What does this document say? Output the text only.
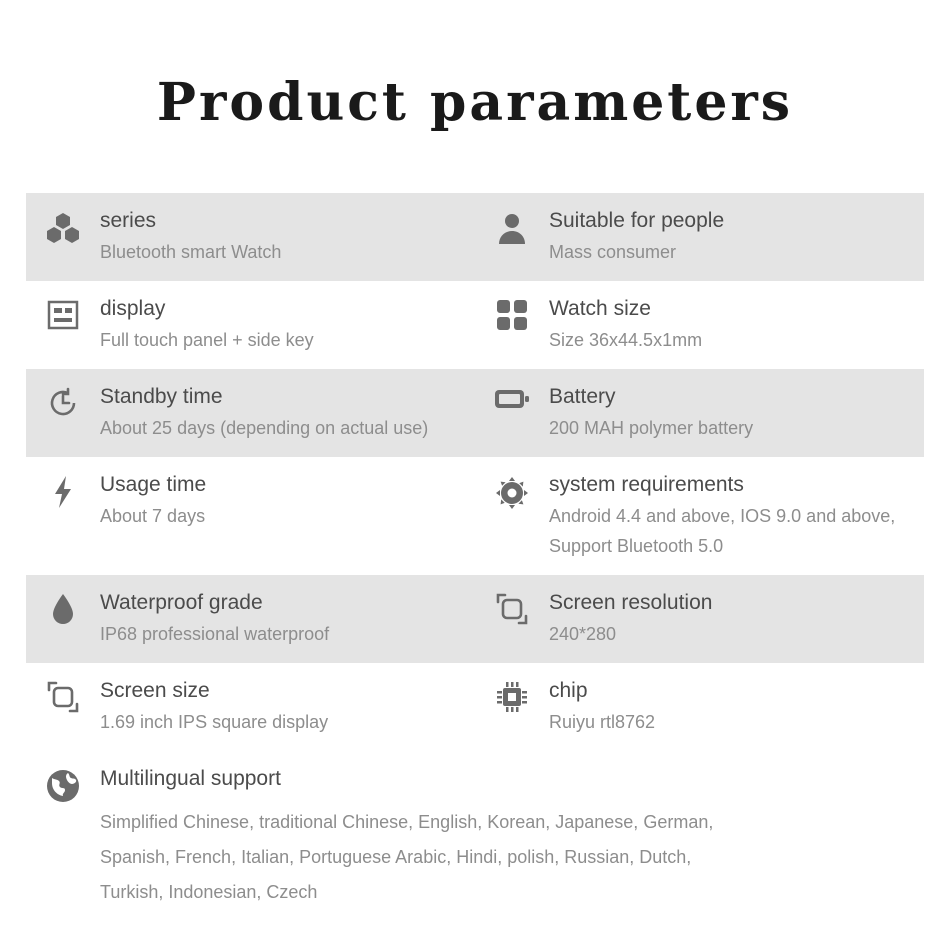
Product parameters
series
Bluetooth smart Watch
Suitable for people
Mass consumer
display
Full touch panel + side key
Watch size
Size 36x44.5x1mm
Standby time
About 25 days (depending on actual use)
Battery
200 MAH polymer battery
Usage time
About 7 days
system requirements
Android 4.4 and above, IOS 9.0 and above, Support Bluetooth 5.0
Waterproof grade
IP68 professional waterproof
Screen resolution
240*280
Screen size
1.69 inch IPS square display
chip
Ruiyu rtl8762
Multilingual support
Simplified Chinese, traditional Chinese, English, Korean, Japanese, German,
Spanish, French, Italian, Portuguese Arabic, Hindi, polish, Russian, Dutch,
Turkish, Indonesian, Czech
